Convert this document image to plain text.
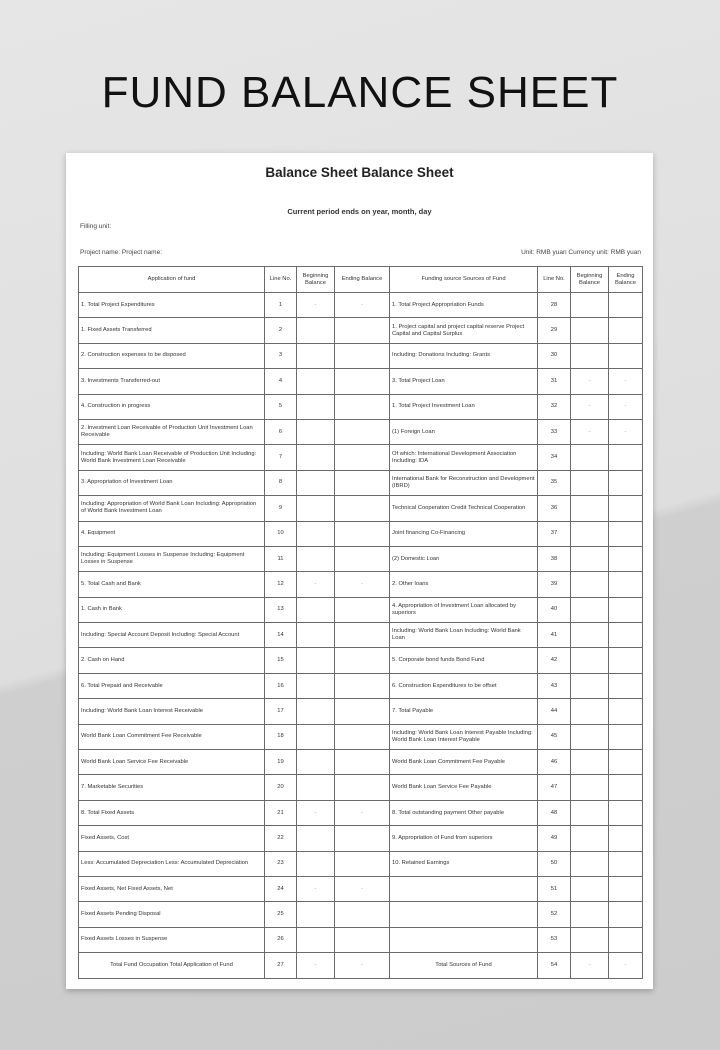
FUND BALANCE SHEET
Balance Sheet Balance Sheet
Current period ends on year, month, day
Filling unit:
Project name: Project name:	Unit: RMB yuan Currency unit: RMB yuan
Application of fund	Line No.	Beginning Balance	Ending Balance	Funding source Sources of Fund	Line No.	Beginning Balance	Ending Balance
1. Total Project Expenditures	1	-	-	1. Total Project Appropriation Funds	28		
1. Fixed Assets Transferred	2			1. Project capital and project capital reserve Project Capital and Capital Surplus	29		
2. Construction expenses to be disposed	3			Including: Donations Including: Grants	30		
3. Investments Transferred-out	4			3. Total Project Loan	31	-	-
4. Construction in progress	5			1. Total Project Investment Loan	32	-	-
2. Investment Loan Receivable of Production Unit Investment Loan Receivable	6			(1) Foreign Loan	33	-	-
Including: World Bank Loan Receivable of Production Unit Including: World Bank Investment Loan Receivable	7			Of which: International Development Association Including: IDA	34		
3. Appropriation of Investment Loan	8			International Bank for Reconstruction and Development (IBRD)	35		
Including: Appropriation of World Bank Loan Including: Appropriation of World Bank Investment Loan	9			Technical Cooperation Credit Technical Cooperation	36		
4. Equipment	10			Joint financing Co-Financing	37		
Including: Equipment Losses in Suspense Including: Equipment Losses in Suspense	11			(2) Domestic Loan	38		
5. Total Cash and Bank	12	-	-	2. Other loans	39		
1. Cash in Bank	13			4. Appropriation of Investment Loan allocated by superiors	40		
Including: Special Account Deposit Including: Special Account	14			Including: World Bank Loan Including: World Bank Loan	41		
2. Cash on Hand	15			5. Corporate bond funds Bond Fund	42		
6. Total Prepaid and Receivable	16			6. Construction Expenditures to be offset	43		
Including: World Bank Loan Interest Receivable	17			7. Total Payable	44		
World Bank Loan Commitment Fee Receivable	18			Including: World Bank Loan Interest Payable Including: World Bank Loan Interest Payable	45		
World Bank Loan Service Fee Receivable	19			World Bank Loan Commitment Fee Payable	46		
7. Marketable Securities	20			World Bank Loan Service Fee Payable	47		
8. Total Fixed Assets	21	-	-	8. Total outstanding payment Other payable	48		
Fixed Assets, Cost	22			9. Appropriation of Fund from superiors	49		
Less: Accumulated Depreciation Less: Accumulated Depreciation	23			10. Retained Earnings	50		
Fixed Assets, Net Fixed Assets, Net	24	-	-		51		
Fixed Assets Pending Disposal	25				52		
Fixed Assets Losses in Suspense	26				53		
Total Fund Occupation Total Application of Fund	27	-	-	Total Sources of Fund	54	-	-
